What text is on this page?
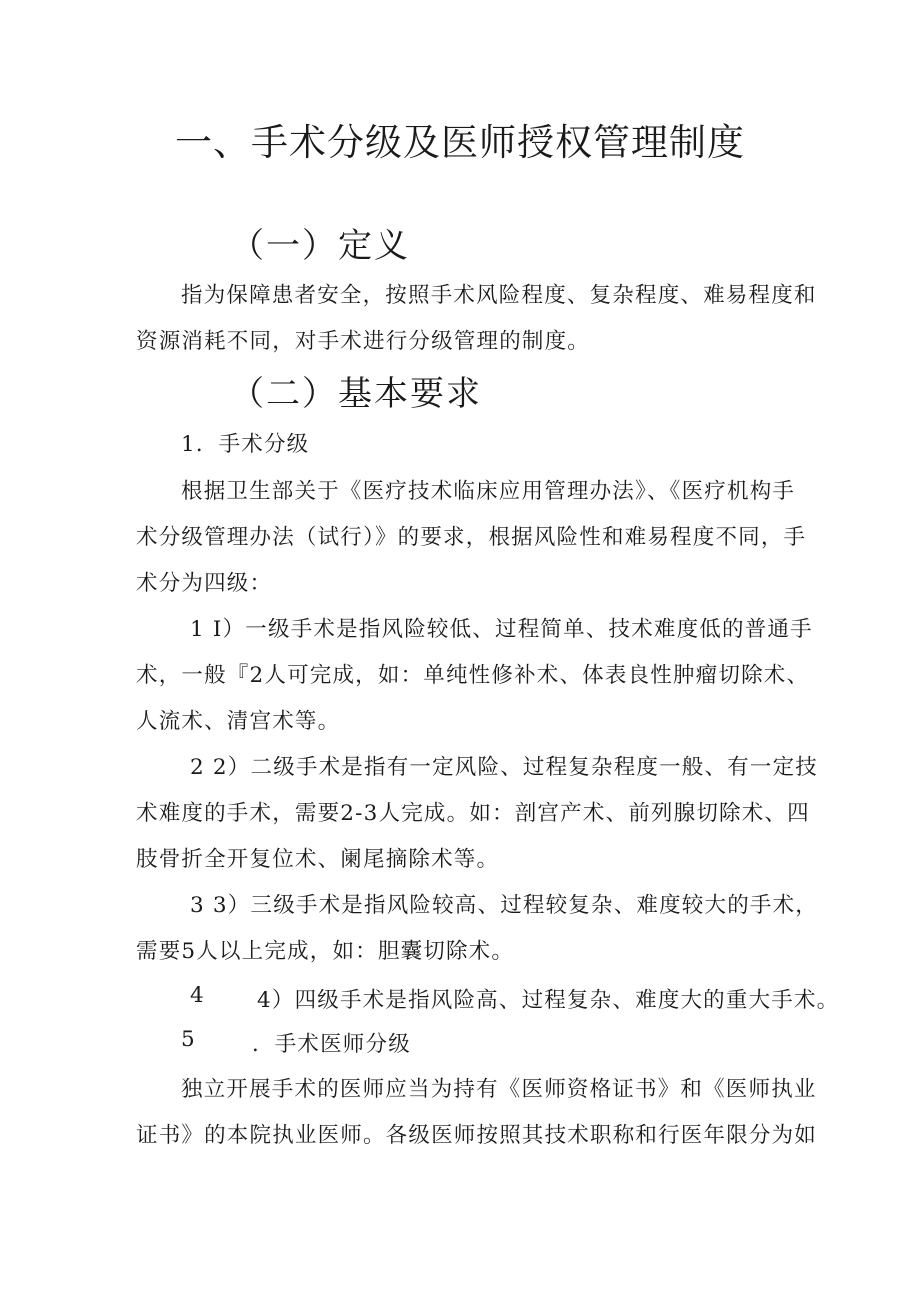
一、手术分级及医师授权管理制度
（一）定义

指为保障患者安全，按照手术风险程度、复杂程度、难易程度和

资源消耗不同，对手术进行分级管理的制度。

（二）基本要求

1．手术分级

根据卫生部关于《医疗技术临床应用管理办法》、《医疗机构手

术分级管理办法（试行）》的要求，根据风险性和难易程度不同，手

术分为四级：

1 I）一级手术是指风险较低、过程简单、技术难度低的普通手

术，一般『2人可完成，如：单纯性修补术、体表良性肿瘤切除术、

人流术、清宫术等。

2 2）二级手术是指有一定风险、过程复杂程度一般、有一定技

术难度的手术，需要2-3人完成。如：剖宫产术、前列腺切除术、四

肢骨折全开复位术、阑尾摘除术等。

3 3）三级手术是指风险较高、过程较复杂、难度较大的手术，

需要5人以上完成，如：胆囊切除术。

4 4）四级手术是指风险高、过程复杂、难度大的重大手术。

5	．手术医师分级

独立开展手术的医师应当为持有《医师资格证书》和《医师执业

证书》的本院执业医师。各级医师按照其技术职称和行医年限分为如
